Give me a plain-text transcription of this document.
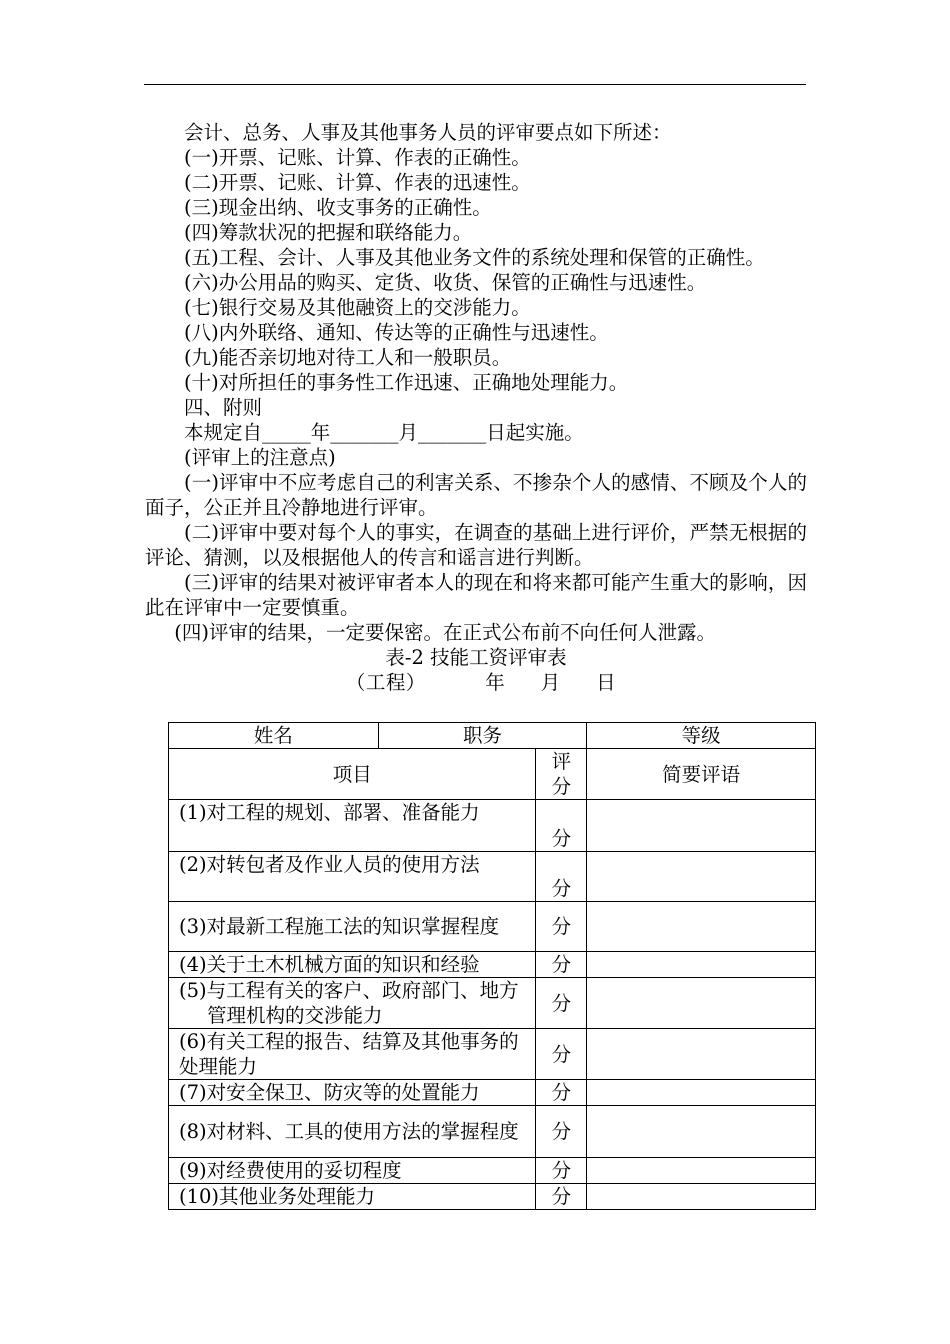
会计、总务、人事及其他事务人员的评审要点如下所述：

(一)开票、记账、计算、作表的正确性。

(二)开票、记账、计算、作表的迅速性。

(三)现金出纳、收支事务的正确性。

(四)筹款状况的把握和联络能力。

(五)工程、会计、人事及其他业务文件的系统处理和保管的正确性。

(六)办公用品的购买、定货、收货、保管的正确性与迅速性。

(七)银行交易及其他融资上的交涉能力。

(八)内外联络、通知、传达等的正确性与迅速性。

(九)能否亲切地对待工人和一般职员。

(十)对所担任的事务性工作迅速、正确地处理能力。

四、附则

本规定自_____年_______月_______日起实施。

(评审上的注意点)

(一)评审中不应考虑自己的利害关系、不掺杂个人的感情、不顾及个人的面子，公正并且冷静地进行评审。

(二)评审中要对每个人的事实，在调查的基础上进行评价，严禁无根据的评论、猜测，以及根据他人的传言和谣言进行判断。

(三)评审的结果对被评审者本人的现在和将来都可能产生重大的影响，因此在评审中一定要慎重。

(四)评审的结果，一定要保密。在正式公布前不向任何人泄露。

表-2 技能工资评审表

（工程）	年 月 日

姓名	职务		等级
项目		评分	简要评语
(1)对工程的规划、部署、准备能力		分	
(2)对转包者及作业人员的使用方法		分	
(3)对最新工程施工法的知识掌握程度		分	
(4)关于土木机械方面的知识和经验		分	

(5)与工程有关的客户、政府部门、地方管理机构的交涉能力		分	
(6)有关工程的报告、结算及其他事务的处理能力		分	
(7)对安全保卫、防灾等的处置能力		分	
(8)对材料、工具的使用方法的掌握程度		分	
(9)对经费使用的妥切程度		分	
(10)其他业务处理能力		分	
